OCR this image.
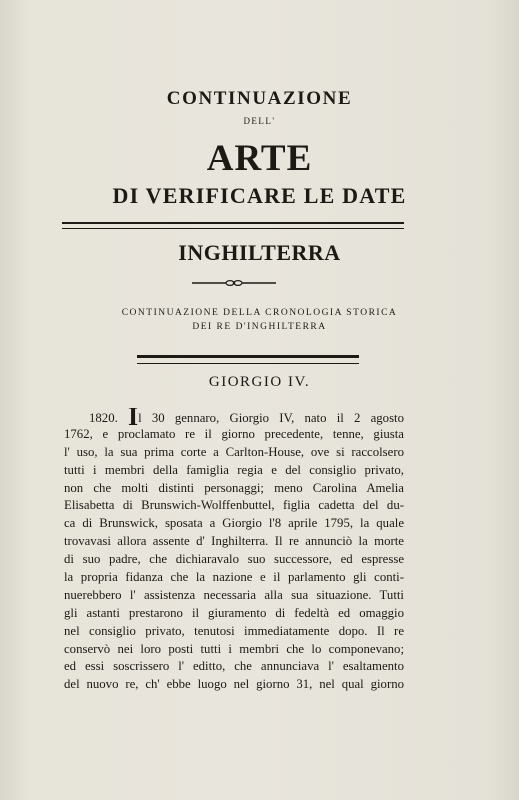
CONTINUAZIONE
DELL'
ARTE
DI VERIFICARE LE DATE
INGHILTERRA
CONTINUAZIONE DELLA CRONOLOGIA STORICA
DEI RE D'INGHILTERRA
GIORGIO IV.
1820. Il 30 gennaro, Giorgio IV, nato il 2 agosto
1762, e proclamato re il giorno precedente, tenne, giusta
l' uso, la sua prima corte a Carlton-House, ove si raccolsero
tutti i membri della famiglia regia e del consiglio privato,
non che molti distinti personaggi; meno Carolina Amelia
Elisabetta di Brunswich-Wolffenbuttel, figlia cadetta del du-
ca di Brunswick, sposata a Giorgio l'8 aprile 1795, la quale
trovavasi allora assente d' Inghilterra. Il re annunciò la morte
di suo padre, che dichiaravalo suo successore, ed espresse
la propria fidanza che la nazione e il parlamento gli conti-
nuerebbero l' assistenza necessaria alla sua situazione. Tutti
gli astanti prestarono il giuramento di fedeltà ed omaggio
nel consiglio privato, tenutosi immediatamente dopo. Il re
conservò nei loro posti tutti i membri che lo componevano;
ed essi soscrissero l' editto, che annunciava l' esaltamento
del nuovo re, ch' ebbe luogo nel giorno 31, nel qual giorno
